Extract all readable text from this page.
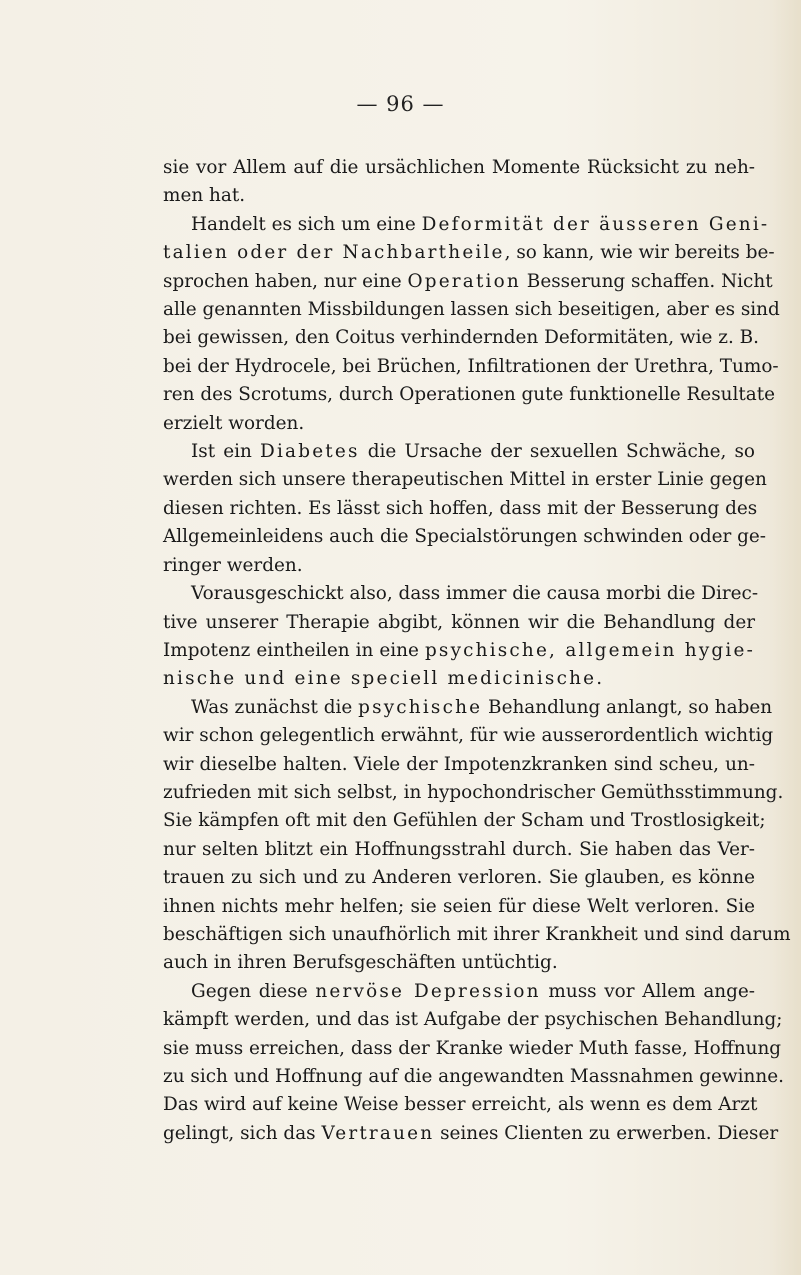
— 96 —
sie vor Allem auf die ursächlichen Momente Rücksicht zu neh-
men hat.
Handelt es sich um eine Deformität der äusseren Geni-
talien oder der Nachbartheile, so kann, wie wir bereits be-
sprochen haben, nur eine Operation Besserung schaffen. Nicht
alle genannten Missbildungen lassen sich beseitigen, aber es sind
bei gewissen, den Coitus verhindernden Deformitäten, wie z. B.
bei der Hydrocele, bei Brüchen, Infiltrationen der Urethra, Tumo-
ren des Scrotums, durch Operationen gute funktionelle Resultate
erzielt worden.
Ist ein Diabetes die Ursache der sexuellen Schwäche, so
werden sich unsere therapeutischen Mittel in erster Linie gegen
diesen richten. Es lässt sich hoffen, dass mit der Besserung des
Allgemeinleidens auch die Specialstörungen schwinden oder ge-
ringer werden.
Vorausgeschickt also, dass immer die causa morbi die Direc-
tive unserer Therapie abgibt, können wir die Behandlung der
Impotenz eintheilen in eine psychische, allgemein hygie-
nische und eine speciell medicinische.
Was zunächst die psychische Behandlung anlangt, so haben
wir schon gelegentlich erwähnt, für wie ausserordentlich wichtig
wir dieselbe halten. Viele der Impotenzkranken sind scheu, un-
zufrieden mit sich selbst, in hypochondrischer Gemüthsstimmung.
Sie kämpfen oft mit den Gefühlen der Scham und Trostlosigkeit;
nur selten blitzt ein Hoffnungsstrahl durch. Sie haben das Ver-
trauen zu sich und zu Anderen verloren. Sie glauben, es könne
ihnen nichts mehr helfen; sie seien für diese Welt verloren. Sie
beschäftigen sich unaufhörlich mit ihrer Krankheit und sind darum
auch in ihren Berufsgeschäften untüchtig.
Gegen diese nervöse Depression muss vor Allem ange-
kämpft werden, und das ist Aufgabe der psychischen Behandlung;
sie muss erreichen, dass der Kranke wieder Muth fasse, Hoffnung
zu sich und Hoffnung auf die angewandten Massnahmen gewinne.
Das wird auf keine Weise besser erreicht, als wenn es dem Arzt
gelingt, sich das Vertrauen seines Clienten zu erwerben. Dieser
